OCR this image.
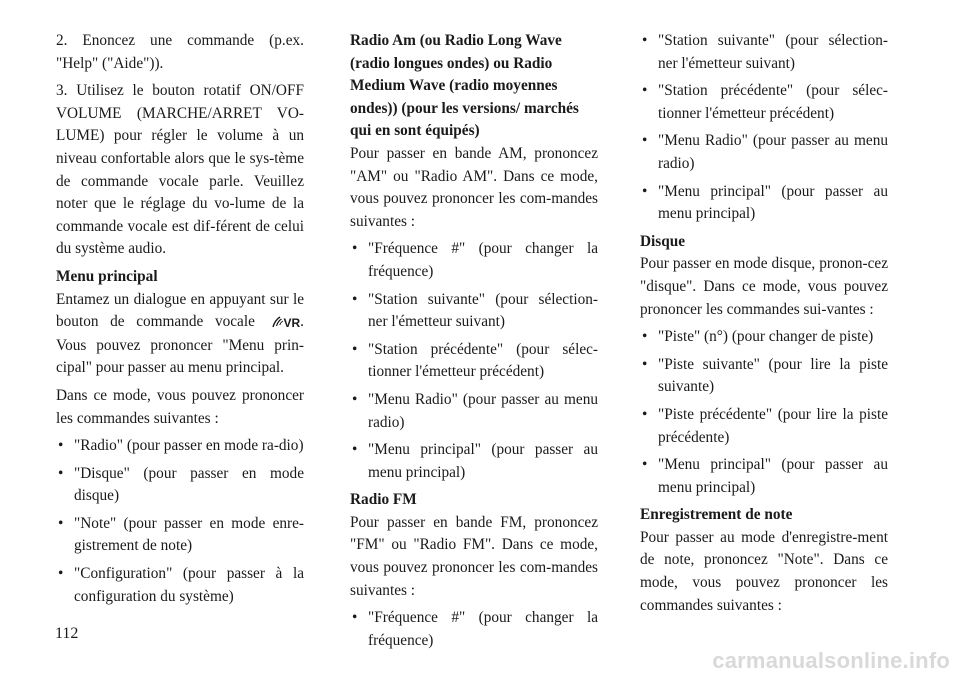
2. Enoncez une commande (p.ex. "Help" ("Aide")).

3. Utilisez le bouton rotatif ON/OFF VOLUME (MARCHE/ARRET VO-LUME) pour régler le volume à un niveau confortable alors que le sys-tème de commande vocale parle. Veuillez noter que le réglage du vo-lume de la commande vocale est dif-férent de celui du système audio.

Menu principal

Entamez un dialogue en appuyant sur le bouton de commande vocale VR. Vous pouvez prononcer "Menu prin-cipal" pour passer au menu principal.

Dans ce mode, vous pouvez prononcer les commandes suivantes :

• "Radio" (pour passer en mode ra-dio)

• "Disque" (pour passer en mode disque)

• "Note" (pour passer en mode enre-gistrement de note)

• "Configuration" (pour passer à la configuration du système)

Radio Am (ou Radio Long Wave (radio longues ondes) ou Radio Medium Wave (radio moyennes ondes)) (pour les versions/ marchés qui en sont équipés)

Pour passer en bande AM, prononcez "AM" ou "Radio AM". Dans ce mode, vous pouvez prononcer les com-mandes suivantes :

• "Fréquence #" (pour changer la fréquence)

• "Station suivante" (pour sélection-ner l'émetteur suivant)

• "Station précédente" (pour sélec-tionner l'émetteur précédent)

• "Menu Radio" (pour passer au menu radio)

• "Menu principal" (pour passer au menu principal)

Radio FM

Pour passer en bande FM, prononcez "FM" ou "Radio FM". Dans ce mode, vous pouvez prononcer les com-mandes suivantes :

• "Fréquence #" (pour changer la fréquence)

• "Station suivante" (pour sélection-ner l'émetteur suivant)

• "Station précédente" (pour sélec-tionner l'émetteur précédent)

• "Menu Radio" (pour passer au menu radio)

• "Menu principal" (pour passer au menu principal)

Disque

Pour passer en mode disque, pronon-cez "disque". Dans ce mode, vous pouvez prononcer les commandes sui-vantes :

• "Piste" (n°) (pour changer de piste)

• "Piste suivante" (pour lire la piste suivante)

• "Piste précédente" (pour lire la piste précédente)

• "Menu principal" (pour passer au menu principal)

Enregistrement de note

Pour passer au mode d'enregistre-ment de note, prononcez "Note". Dans ce mode, vous pouvez prononcer les commandes suivantes :

112
carmanualsonline.info
